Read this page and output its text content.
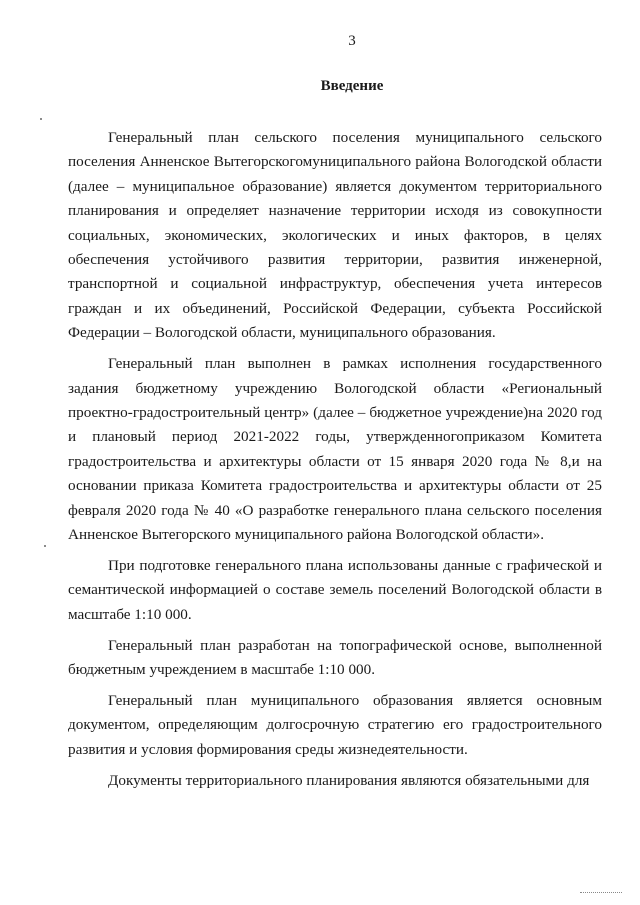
3
Введение

Генеральный план сельского поселения муниципального сельского поселения Анненское Вытегорскогомуниципального района Вологодской области (далее – муниципальное образование) является документом территориального планирования и определяет назначение территории исходя из совокупности социальных, экономических, экологических и иных факторов, в целях обеспечения устойчивого развития территории, развития инженерной, транспортной и социальной инфраструктур, обеспечения учета интересов граждан и их объединений, Российской Федерации, субъекта Российской Федерации – Вологодской области, муниципального образования.

Генеральный план выполнен в рамках исполнения государственного задания бюджетному учреждению Вологодской области «Региональный проектно-градостроительный центр» (далее – бюджетное учреждение)на 2020 год и плановый период 2021-2022 годы, утвержденногоприказом Комитета градостроительства и архитектуры области от 15 января 2020 года № 8,и на основании приказа Комитета градостроительства и архитектуры области от 25 февраля 2020 года № 40 «О разработке генерального плана сельского поселения Анненское Вытегорского муниципального района Вологодской области».

При подготовке генерального плана использованы данные с графической и семантической информацией о составе земель поселений Вологодской области в масштабе 1:10 000.

Генеральный план разработан на топографической основе, выполненной бюджетным учреждением в масштабе 1:10 000.

Генеральный план муниципального образования является основным документом, определяющим долгосрочную стратегию его градостроительного развития и условия формирования среды жизнедеятельности.

Документы территориального планирования являются обязательными для
